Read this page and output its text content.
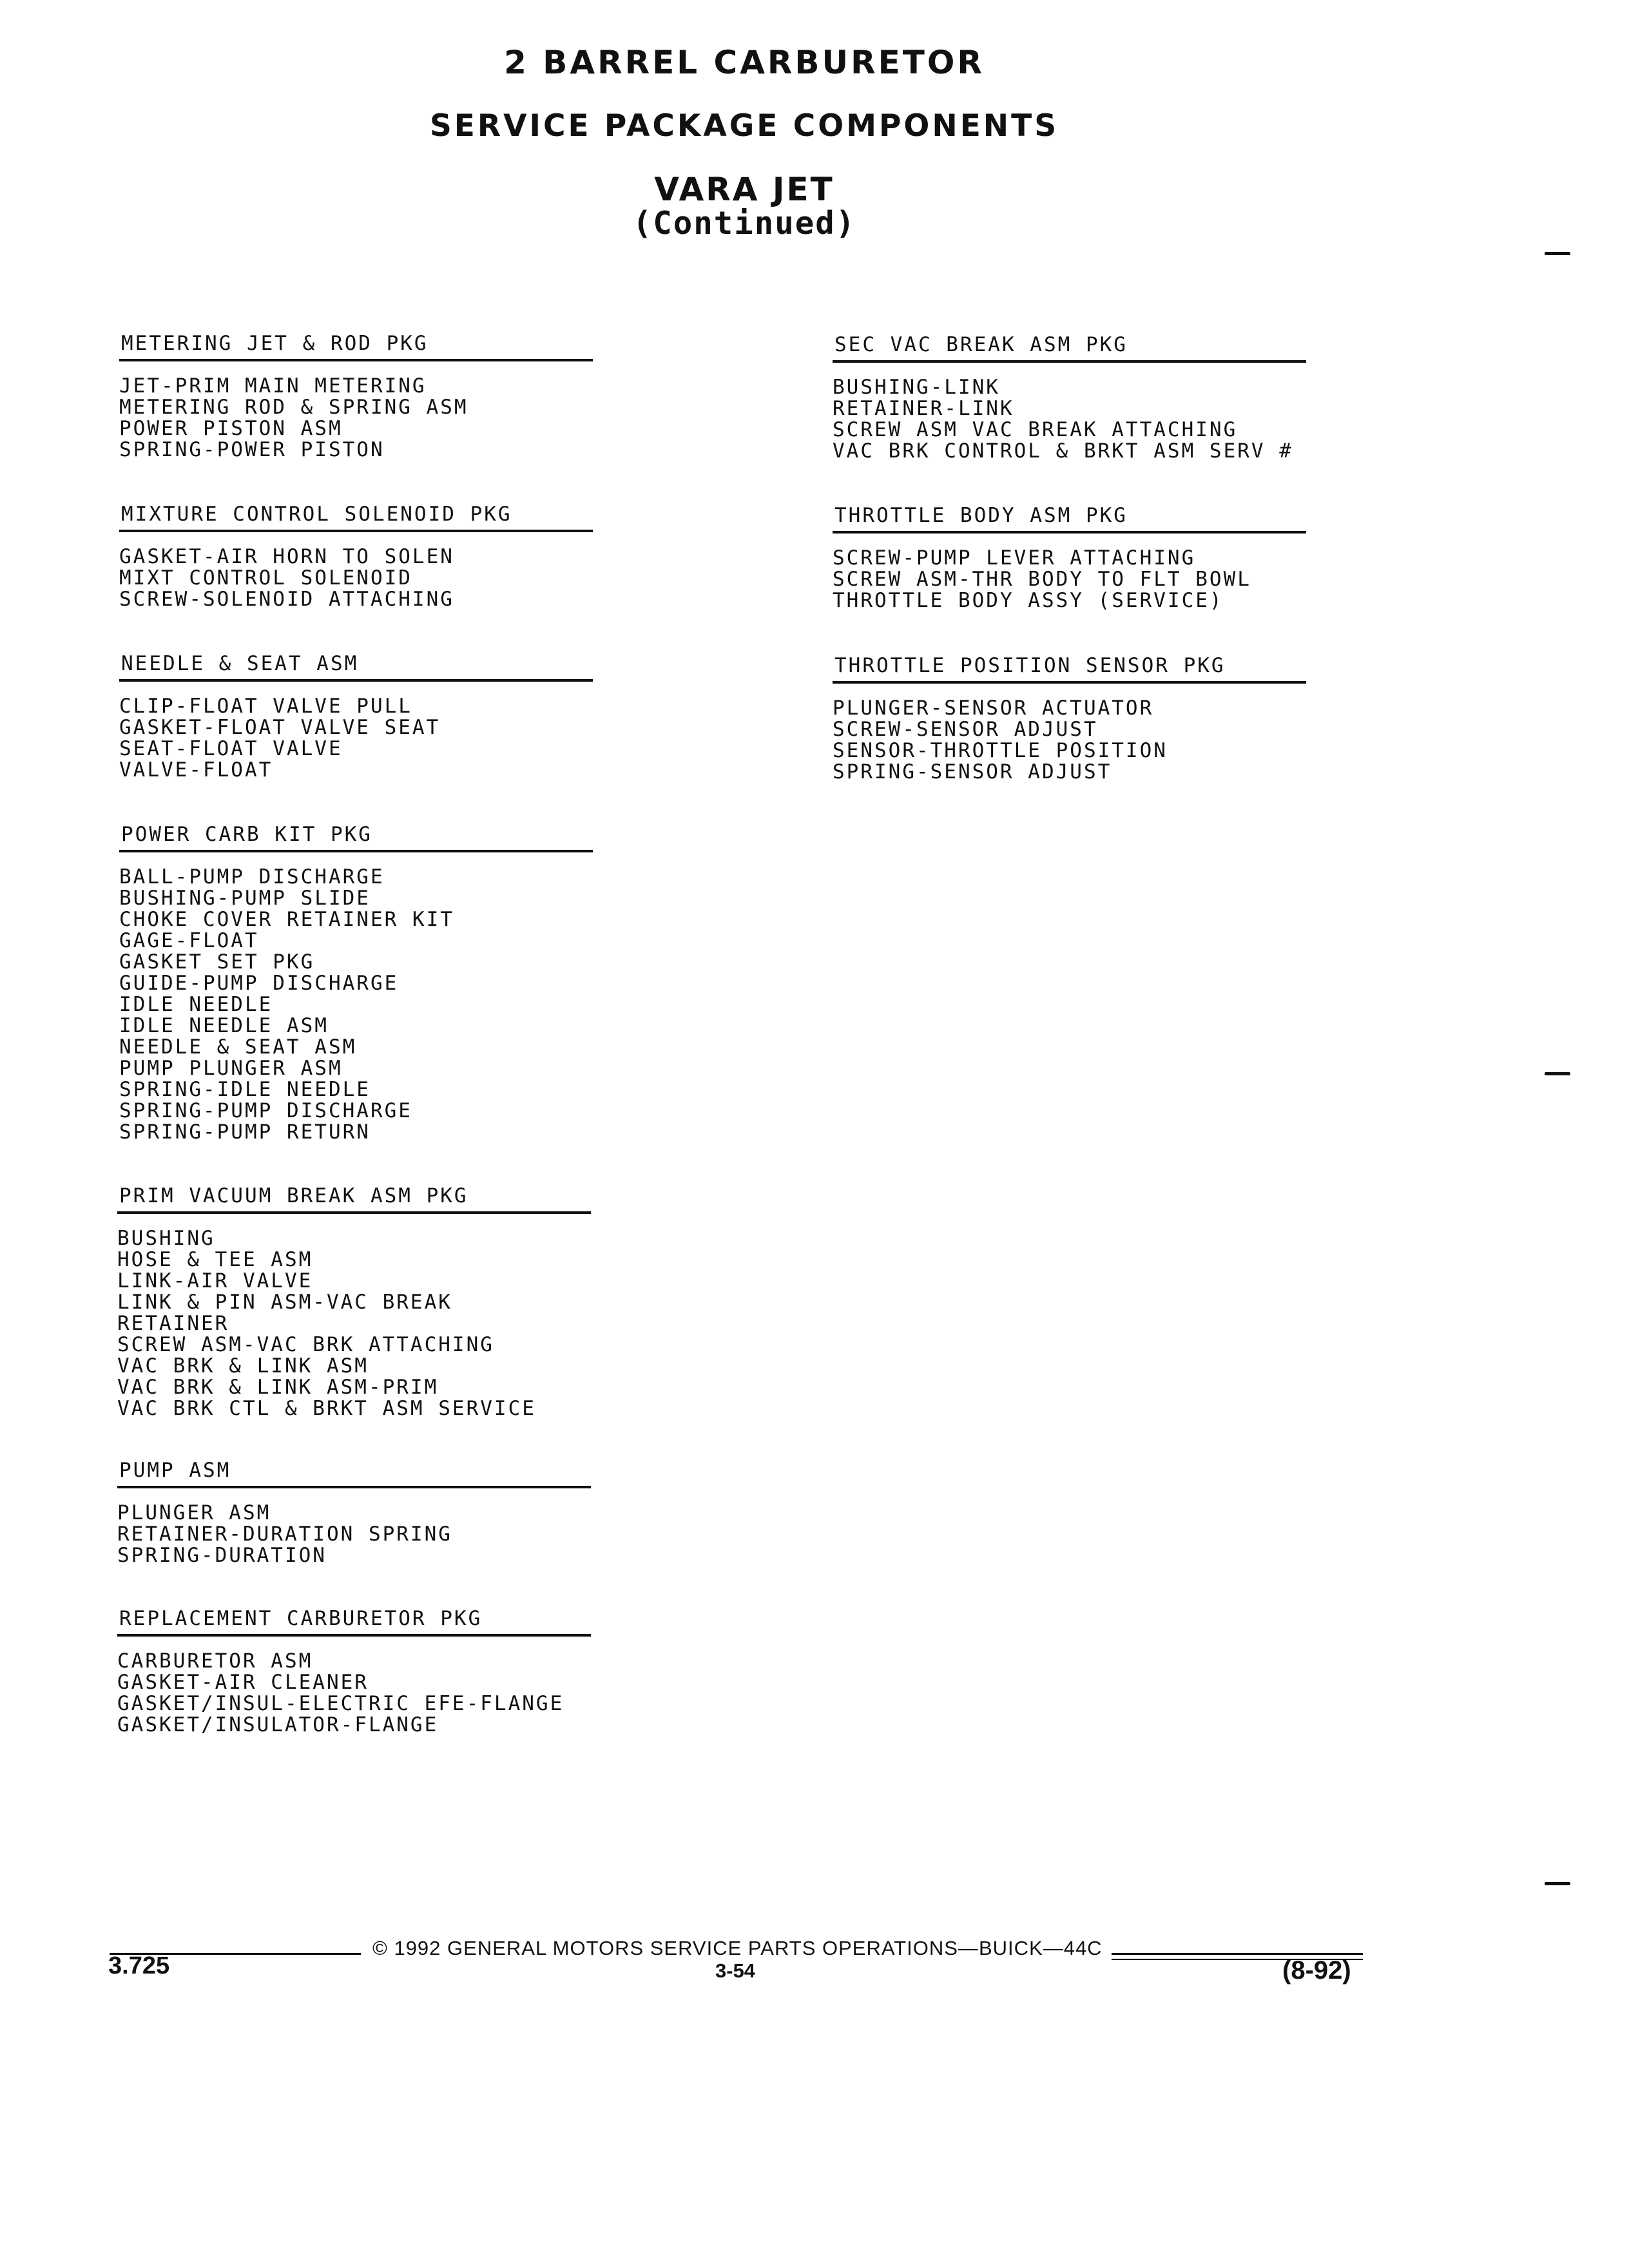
2 BARREL CARBURETOR
SERVICE PACKAGE COMPONENTS
VARA JET
(Continued)
METERING JET & ROD PKG
JET-PRIM MAIN METERING
METERING ROD & SPRING ASM
POWER PISTON ASM
SPRING-POWER PISTON
MIXTURE CONTROL SOLENOID PKG
GASKET-AIR HORN TO SOLEN
MIXT CONTROL SOLENOID
SCREW-SOLENOID ATTACHING
NEEDLE & SEAT ASM
CLIP-FLOAT VALVE PULL
GASKET-FLOAT VALVE SEAT
SEAT-FLOAT VALVE
VALVE-FLOAT
POWER CARB KIT PKG
BALL-PUMP DISCHARGE
BUSHING-PUMP SLIDE
CHOKE COVER RETAINER KIT
GAGE-FLOAT
GASKET SET PKG
GUIDE-PUMP DISCHARGE
IDLE NEEDLE
IDLE NEEDLE ASM
NEEDLE & SEAT ASM
PUMP PLUNGER ASM
SPRING-IDLE NEEDLE
SPRING-PUMP DISCHARGE
SPRING-PUMP RETURN
PRIM VACUUM BREAK ASM PKG
BUSHING
HOSE & TEE ASM
LINK-AIR VALVE
LINK & PIN ASM-VAC BREAK
RETAINER
SCREW ASM-VAC BRK ATTACHING
VAC BRK & LINK ASM
VAC BRK & LINK ASM-PRIM
VAC BRK CTL & BRKT ASM SERVICE
PUMP ASM
PLUNGER ASM
RETAINER-DURATION SPRING
SPRING-DURATION
REPLACEMENT CARBURETOR PKG
CARBURETOR ASM
GASKET-AIR CLEANER
GASKET/INSUL-ELECTRIC EFE-FLANGE
GASKET/INSULATOR-FLANGE
SEC VAC BREAK ASM PKG
BUSHING-LINK
RETAINER-LINK
SCREW ASM VAC BREAK ATTACHING
VAC BRK CONTROL & BRKT ASM SERV #
THROTTLE BODY ASM PKG
SCREW-PUMP LEVER ATTACHING
SCREW ASM-THR BODY TO FLT BOWL
THROTTLE BODY ASSY (SERVICE)
THROTTLE POSITION SENSOR PKG
PLUNGER-SENSOR ACTUATOR
SCREW-SENSOR ADJUST
SENSOR-THROTTLE POSITION
SPRING-SENSOR ADJUST
© 1992 GENERAL MOTORS SERVICE PARTS OPERATIONS—BUICK—44C
3.725	3-54	(8-92)
